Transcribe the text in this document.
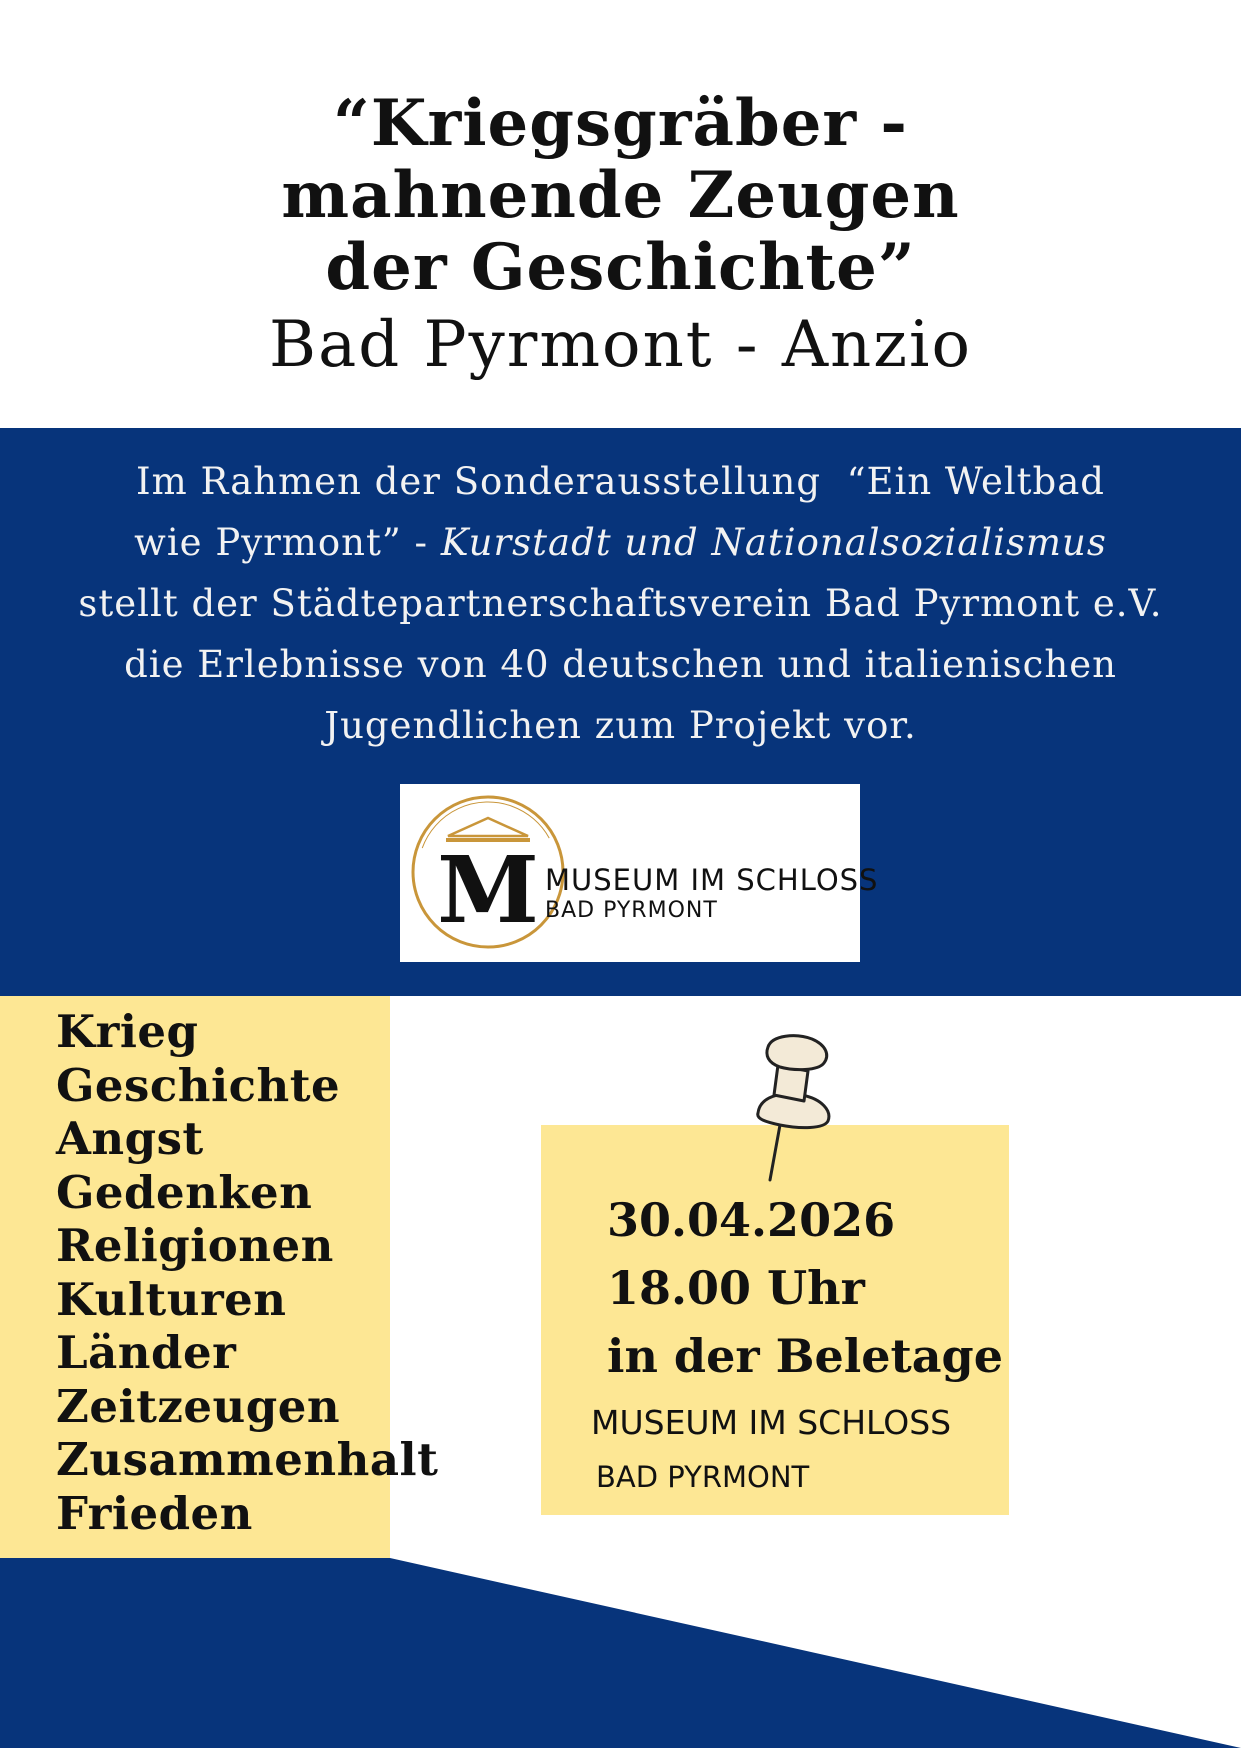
“Kriegsgräber -
mahnende Zeugen
der Geschichte”
Bad Pyrmont - Anzio
Im Rahmen der Sonderausstellung  “Ein Weltbad
wie Pyrmont” - Kurstadt und Nationalsozialismus
stellt der Städtepartnerschaftsverein Bad Pyrmont e.V.
die Erlebnisse von 40 deutschen und italienischen
Jugendlichen zum Projekt vor.
M MUSEUM IM SCHLOSS
BAD PYRMONT
Krieg
Geschichte
Angst
Gedenken
Religionen
Kulturen
Länder
Zeitzeugen
Zusammenhalt
Frieden
30.04.2026
18.00 Uhr
in der Beletage
MUSEUM IM SCHLOSS
BAD PYRMONT
